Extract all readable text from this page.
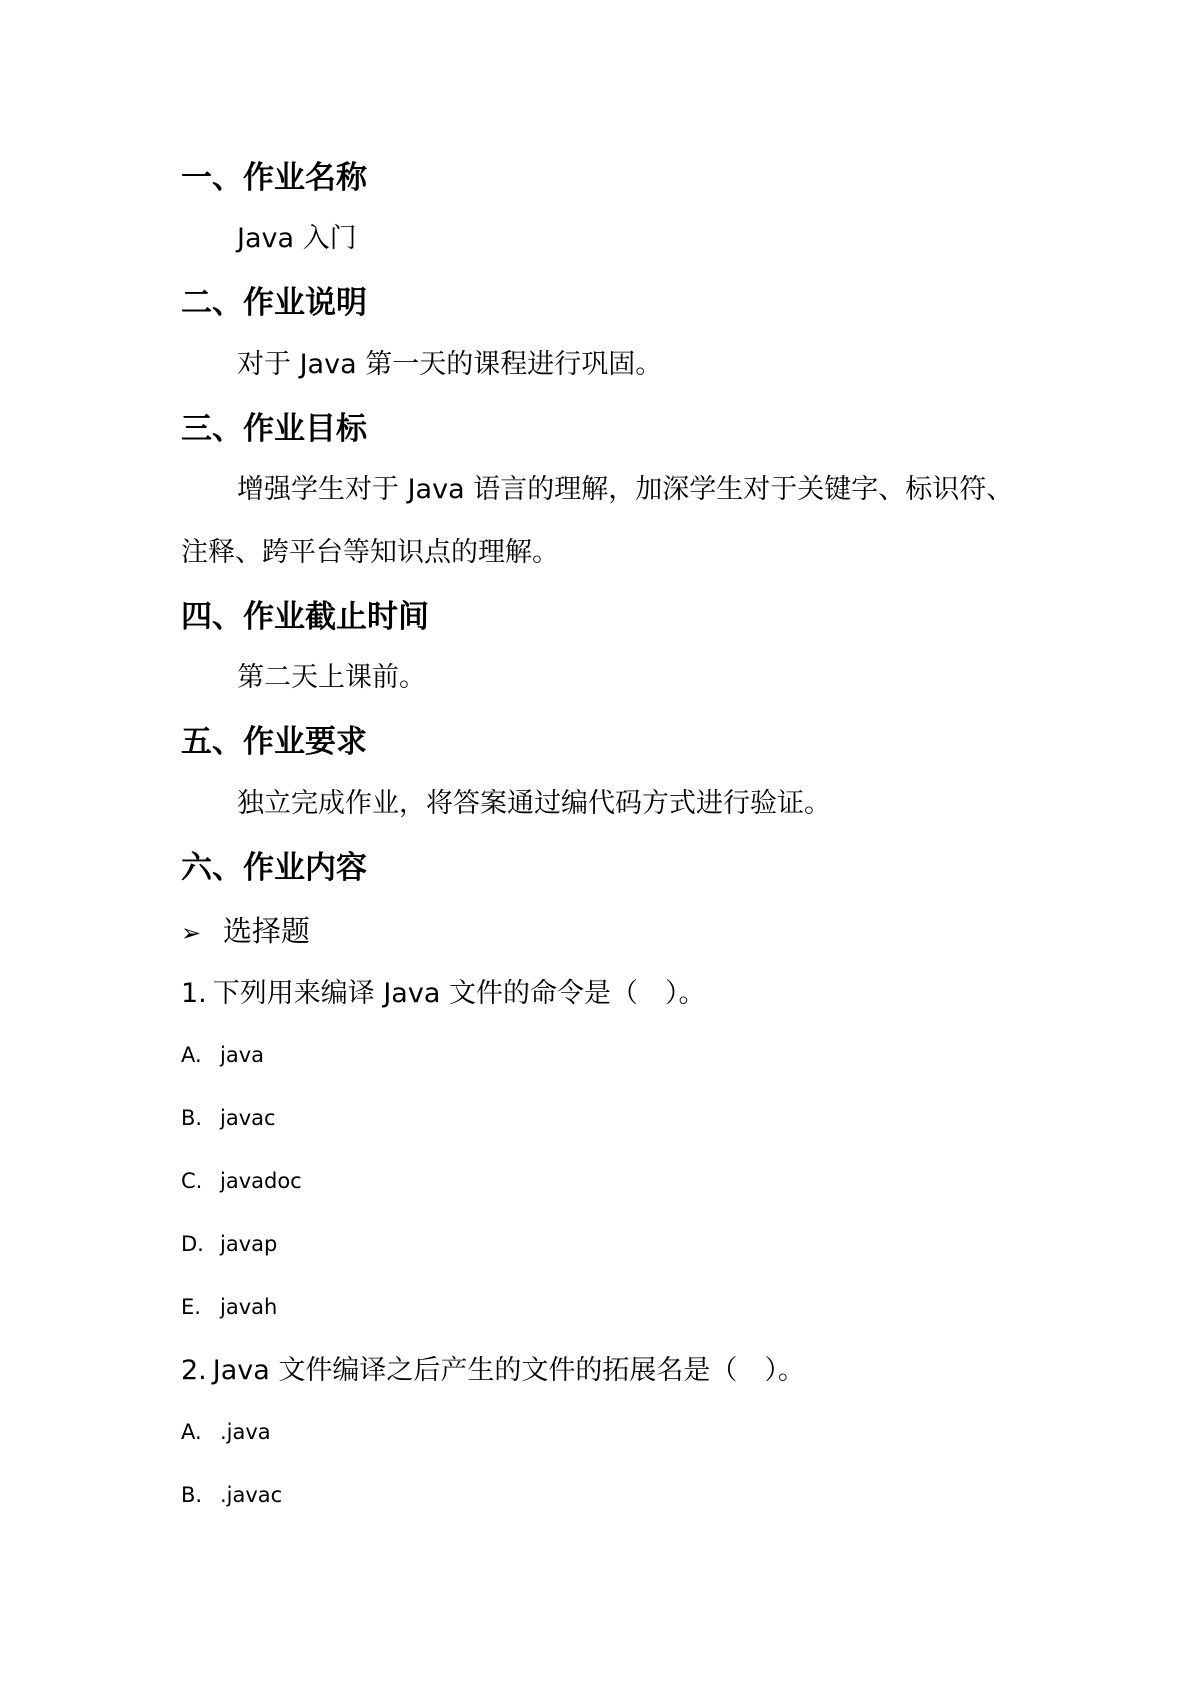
一、作业名称
Java 入门
二、作业说明
对于 Java 第一天的课程进行巩固。
三、作业目标
增强学生对于 Java 语言的理解，加深学生对于关键字、标识符、
注释、跨平台等知识点的理解。
四、作业截止时间
第二天上课前。
五、作业要求
独立完成作业，将答案通过编代码方式进行验证。
六、作业内容
➢ 选择题
1. 下列用来编译 Java 文件的命令是（　）。
A. java
B. javac
C. javadoc
D. javap
E. javah
2. Java 文件编译之后产生的文件的拓展名是（　）。
A. .java
B. .javac
